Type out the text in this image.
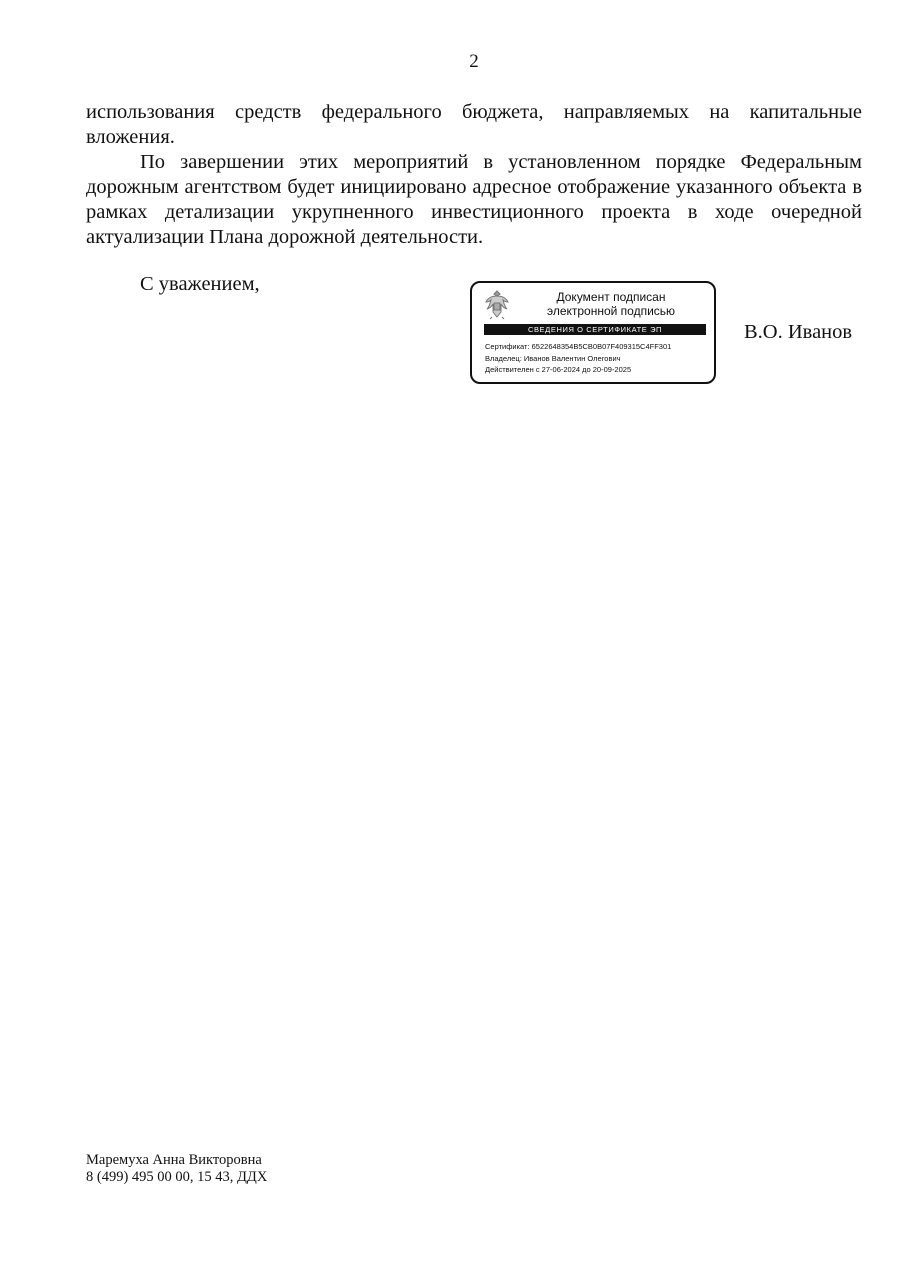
2

использования средств федерального бюджета, направляемых на капитальные вложения.

По завершении этих мероприятий в установленном порядке Федеральным дорожным агентством будет инициировано адресное отображение указанного объекта в рамках детализации укрупненного инвестиционного проекта в ходе очередной актуализации Плана дорожной деятельности.

С уважением,
Документ подписан
электронной подписью
СВЕДЕНИЯ О СЕРТИФИКАТЕ ЭП
Сертификат: 6522648354B5CB0B07F409315C4FF301
Владелец: Иванов Валентин Олегович
Действителен с 27-06-2024 до 20-09-2025
В.О. Иванов
Маремуха Анна Викторовна
8 (499) 495 00 00, 15 43, ДДХ
